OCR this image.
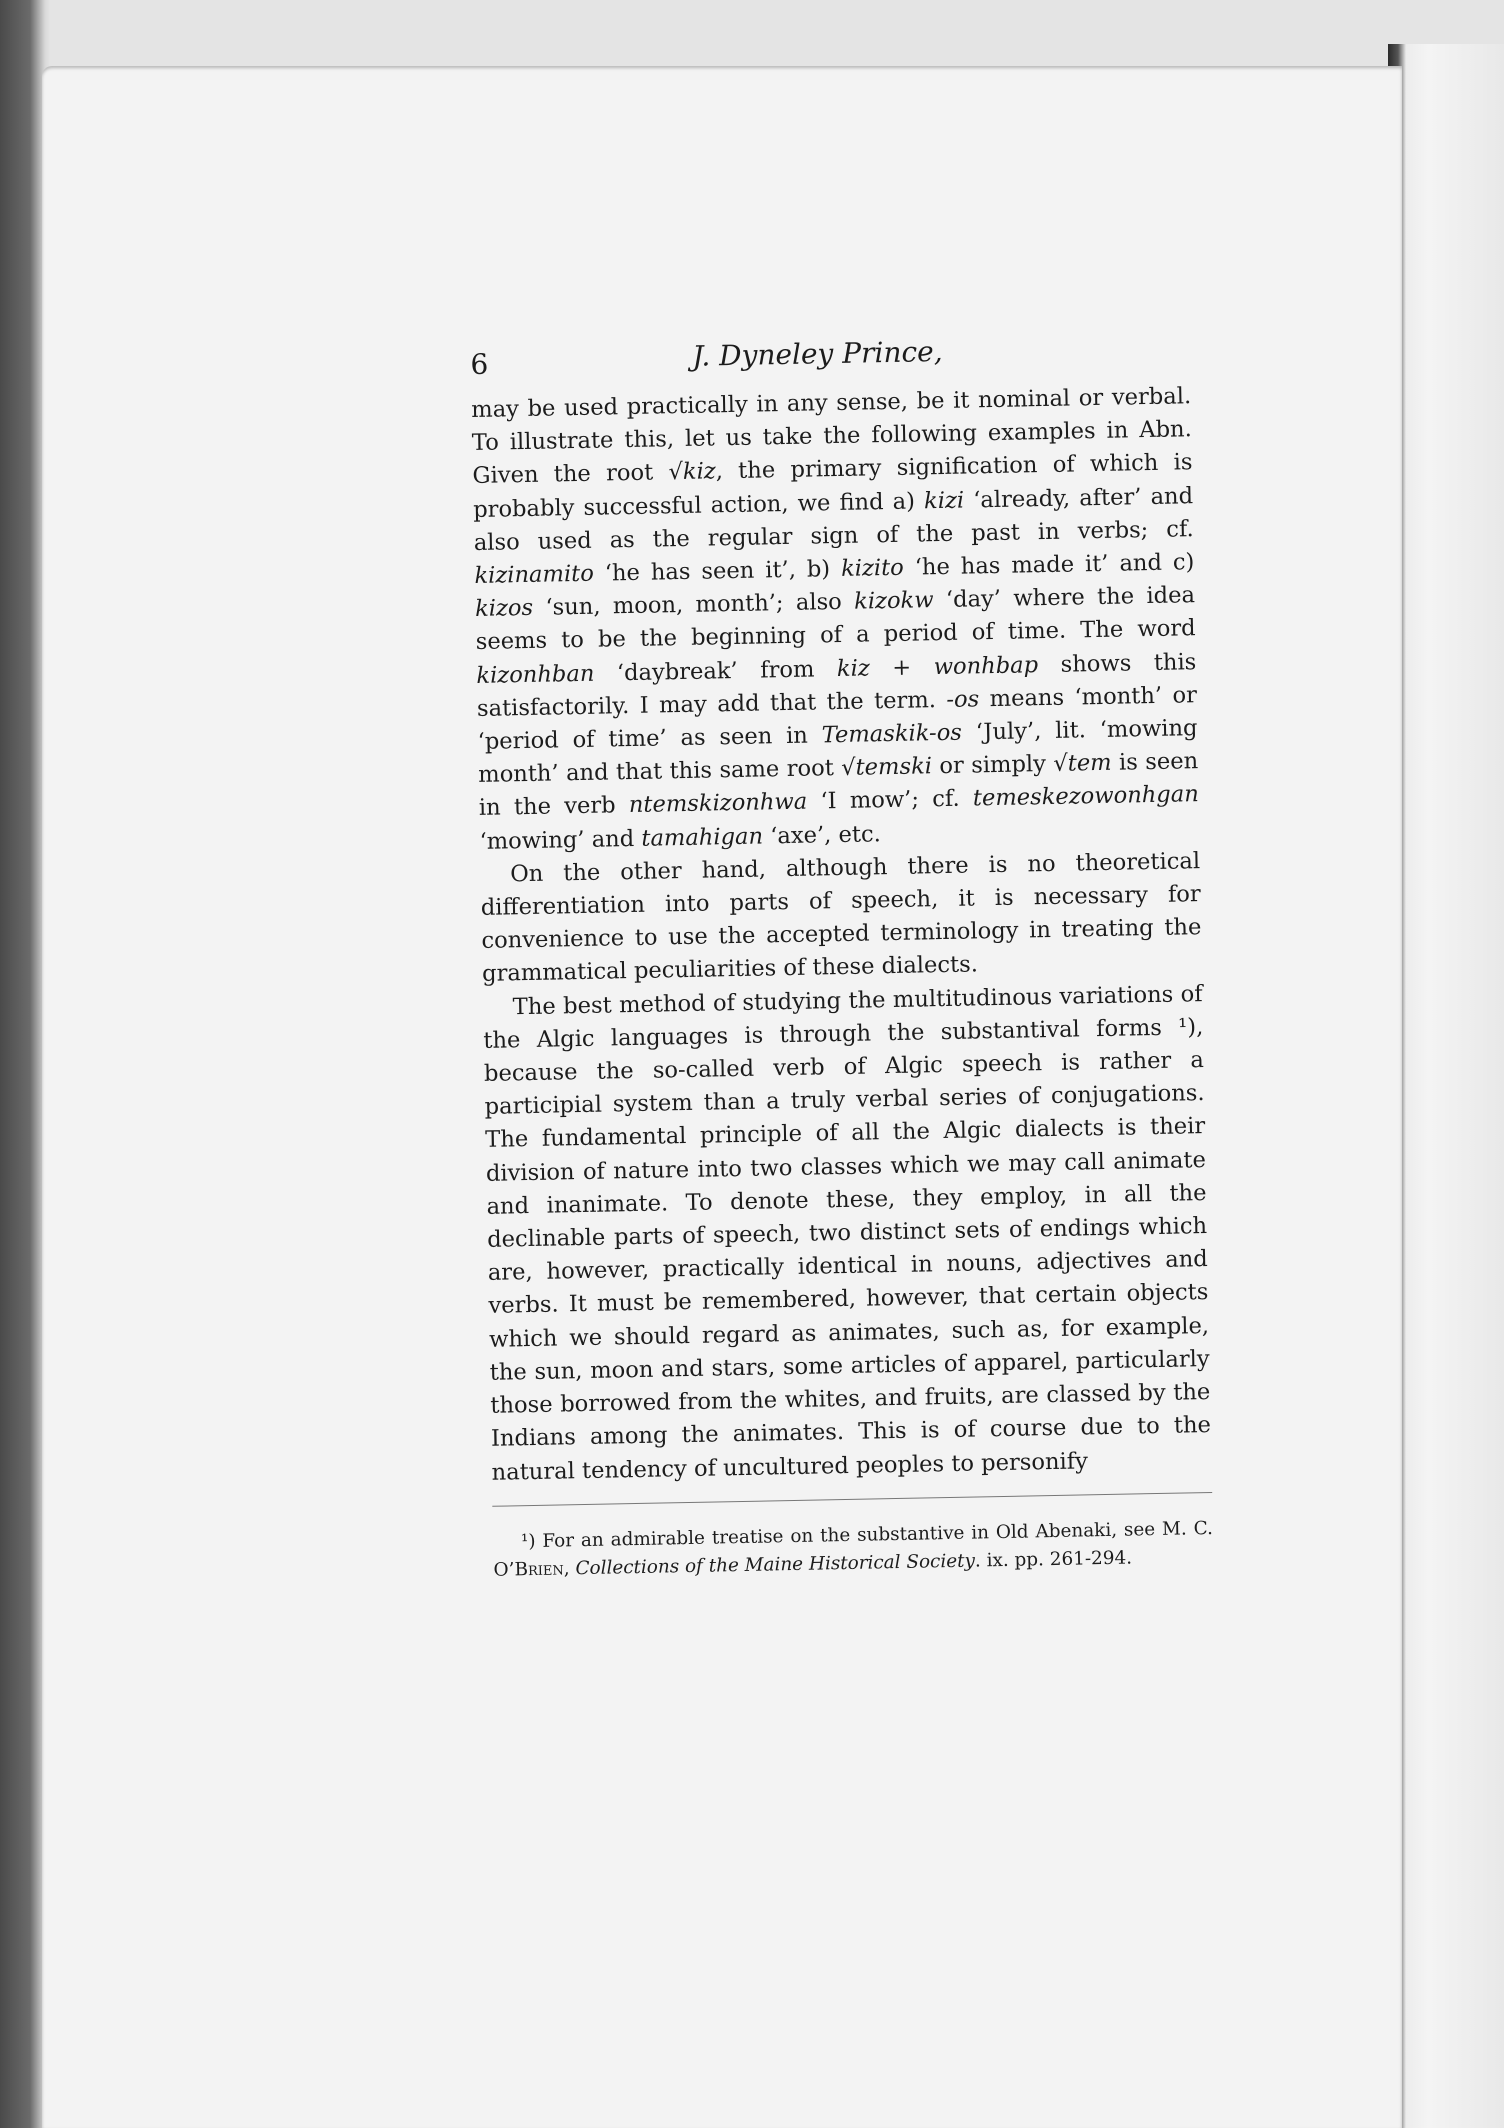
6	J. Dyneley Prince,

may be used practically in any sense, be it nominal or verbal. To illustrate this, let us take the following examples in Abn. Given the root √kiz, the primary signification of which is probably successful action, we find a) kizi ‘already, after’ and also used as the regular sign of the past in verbs; cf. kizinamito ‘he has seen it’, b) kizito ‘he has made it’ and c) kizos ‘sun, moon, month’; also kizokw ‘day’ where the idea seems to be the beginning of a period of time. The word kizonhban ‘daybreak’ from kiz + wonhbap shows this satisfactorily. I may add that the term. -os means ‘month’ or ‘period of time’ as seen in Temaskik-os ‘July’, lit. ‘mowing month’ and that this same root √temski or simply √tem is seen in the verb ntemskizonhwa ‘I mow’; cf. temeskezowonhgan ‘mowing’ and tamahigan ‘axe’, etc.

On the other hand, although there is no theoretical differentiation into parts of speech, it is necessary for convenience to use the accepted terminology in treating the grammatical peculiarities of these dialects.

The best method of studying the multitudinous variations of the Algic languages is through the substantival forms ¹), because the so-called verb of Algic speech is rather a participial system than a truly verbal series of conjugations. The fundamental principle of all the Algic dialects is their division of nature into two classes which we may call animate and inanimate. To denote these, they employ, in all the declinable parts of speech, two distinct sets of endings which are, however, practically identical in nouns, adjectives and verbs. It must be remembered, however, that certain objects which we should regard as animates, such as, for example, the sun, moon and stars, some articles of apparel, particularly those borrowed from the whites, and fruits, are classed by the Indians among the animates. This is of course due to the natural tendency of uncultured peoples to personify

¹) For an admirable treatise on the substantive in Old Abenaki, see M. C. O’Brien, Collections of the Maine Historical Society. ix. pp. 261-294.
